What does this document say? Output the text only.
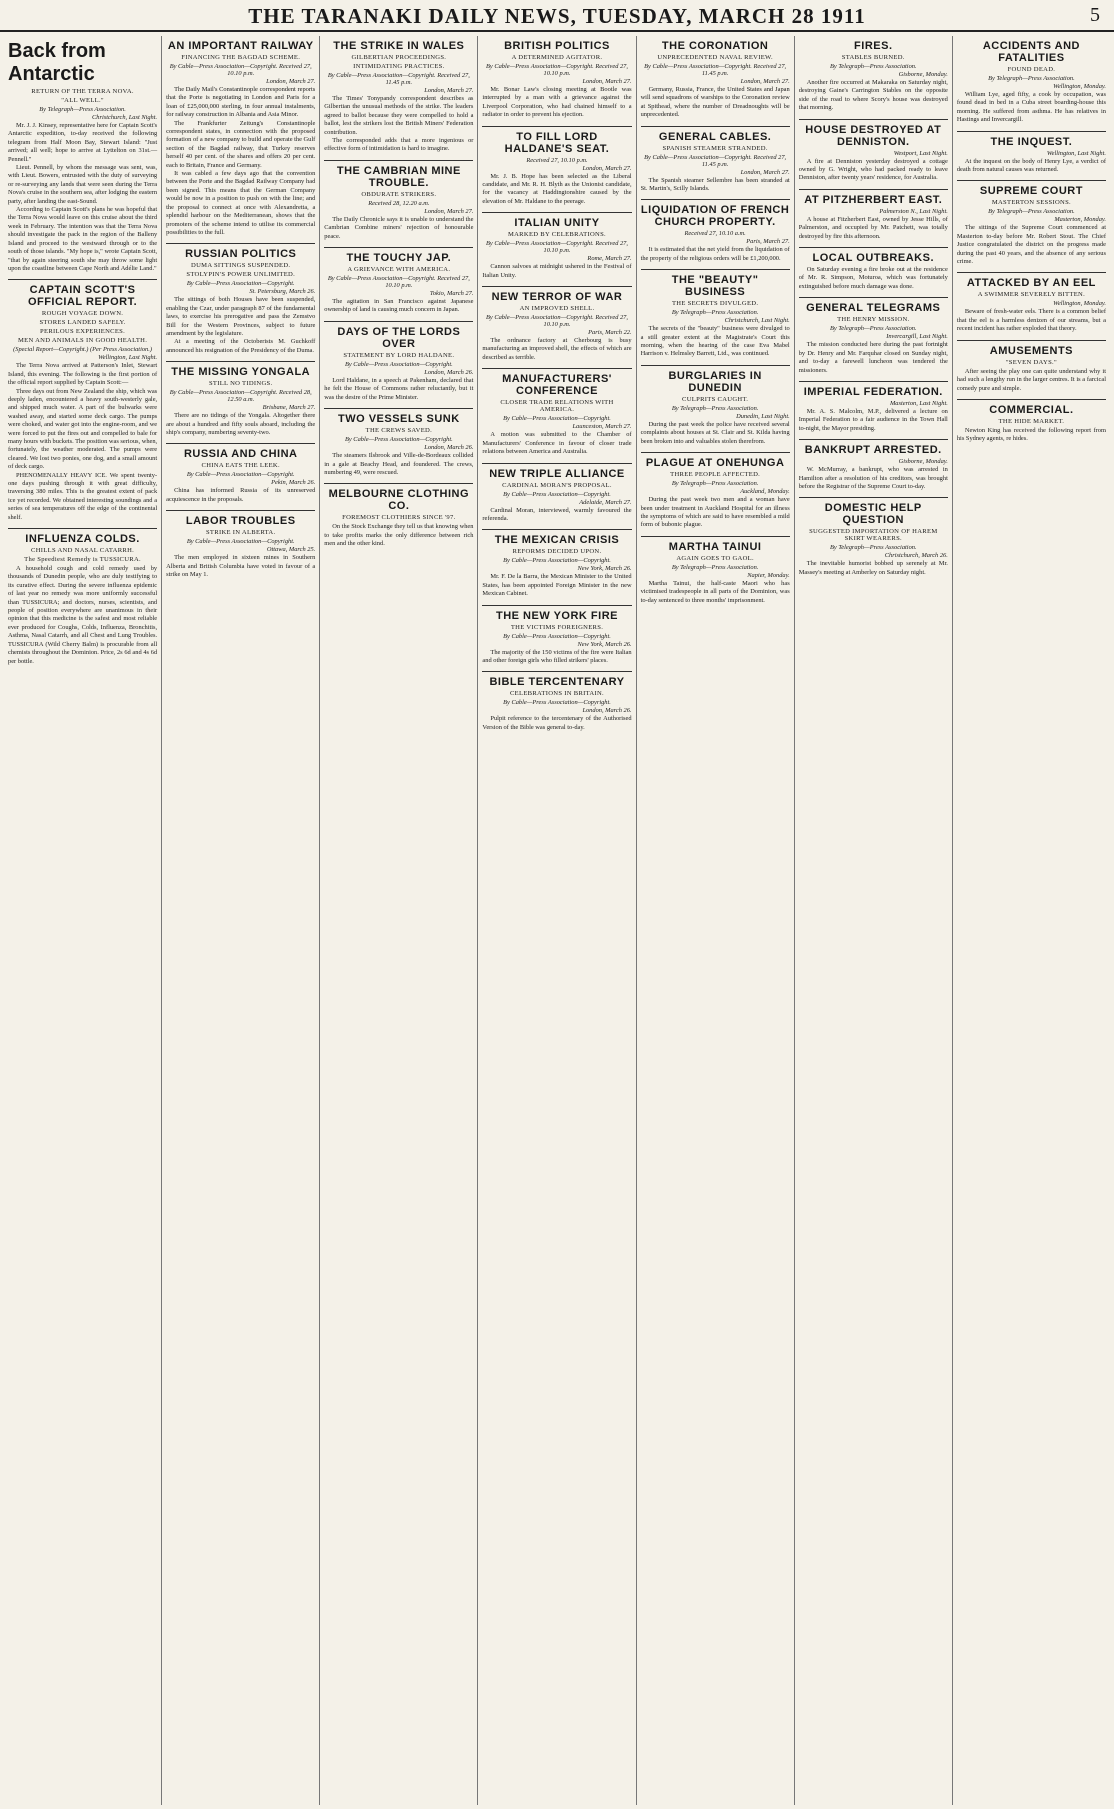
THE TARANAKI DAILY NEWS, TUESDAY, MARCH 28 1911	5
Back from Antarctic
RETURN OF THE TERRA NOVA.
"ALL WELL."
By Telegraph—Press Association.
Christchurch, Last Night.

Mr. J. J. Kinsey, representative here for Captain Scott's Antarctic expedition, to-day received the following telegram from Half Moon Bay, Stewart Island: "Just arrived; all well; hope to arrive at Lyttelton on 31st.—Pennell."

Lieut. Pennell, by whom the message was sent, was, with Lieut. Bowers, entrusted with the duty of surveying or re-surveying any lands that were seen during the Terra Nova's cruise in the southern sea, after lodging the eastern party, after landing the east-Sound.

According to Captain Scott's plans he was hopeful that the Terra Nova would leave on this cruise about the third week in February. The intention was that the Terra Nova should investigate the pack in the region of the Balleny Island and proceed to the westward through or to the south of those islands. "My hope is," wrote Captain Scott, "that by again steering south she may throw some light upon the coastline between Cape North and Adélie Land."

CAPTAIN SCOTT'S OFFICIAL REPORT.
ROUGH VOYAGE DOWN.
STORES LANDED SAFELY.
PERILOUS EXPERIENCES.
MEN AND ANIMALS IN GOOD HEALTH.
(Special Report—Copyright.) (Per Press Association.)
Wellington, Last Night.

The Terra Nova arrived at Patterson's Inlet, Stewart Island, this evening. The following is the first portion of the official report supplied by Captain Scott:—

Three days out from New Zealand the ship, which was deeply laden, encountered a heavy south-westerly gale, and shipped much water. A part of the bulwarks were washed away, and started some deck cargo. The pumps were choked, and water got into the engine-room, and we were forced to put the fires out and compelled to bale for many hours with buckets. The position was serious, when, fortunately, the weather moderated. The pumps were cleared. We lost two ponies, one dog, and a small amount of deck cargo.

PHENOMENALLY HEAVY ICE. We spent twenty-one days pushing through it with great difficulty, traversing 380 miles. This is the greatest extent of pack ice yet recorded. We obtained interesting soundings and a series of sea temperatures off the edge of the continental shelf.

INFLUENZA COLDS.
CHILLS AND NASAL CATARRH.
The Speediest Remedy is TUSSICURA.

A household cough and cold remedy used by thousands of Dunedin people, who are duly testifying to its curative effect. During the severe influenza epidemic of last year no remedy was more uniformly successful than TUSSICURA; and doctors, nurses, scientists, and people of position everywhere are unanimous in their opinion that this medicine is the safest and most reliable ever produced for Coughs, Colds, Influenza, Bronchitis, Asthma, Nasal Catarrh, and all Chest and Lung Troubles. TUSSICURA (Wild Cherry Balm) is procurable from all chemists throughout the Dominion. Price, 2s 6d and 4s 6d per bottle.

AN IMPORTANT RAILWAY
FINANCING THE BAGDAD SCHEME.
By Cable—Press Association—Copyright. Received 27, 10.10 p.m.
London, March 27.

The Daily Mail's Constantinople correspondent reports that the Porte is negotiating in London and Paris for a loan of £25,000,000 sterling, in four annual instalments, for railway construction in Albania and Asia Minor.

The Frankfurter Zeitung's Constantinople correspondent states, in connection with the proposed formation of a new company to build and operate the Gulf section of the Bagdad railway, that Turkey reserves herself 40 per cent. of the shares and offers 20 per cent. each to Britain, France and Germany.

It was cabled a few days ago that the convention between the Porte and the Bagdad Railway Company had been signed. This means that the German Company would be now in a position to push on with the line; and the proposal to connect at once with Alexandretta, a splendid harbour on the Mediterranean, shows that the promoters of the scheme intend to utilise its commercial possibilities to the full.

RUSSIAN POLITICS
DUMA SITTINGS SUSPENDED.
STOLYPIN'S POWER UNLIMITED.
By Cable—Press Association—Copyright.
St. Petersburg, March 26.

The sittings of both Houses have been suspended, enabling the Czar, under paragraph 87 of the fundamental laws, to exercise his prerogative and pass the Zemstvo Bill for the Western Provinces, subject to future amendment by the legislature.

At a meeting of the Octoberists M. Guchkoff announced his resignation of the Presidency of the Duma.

THE MISSING YONGALA
STILL NO TIDINGS.
By Cable—Press Association—Copyright. Received 28, 12.50 a.m.
Brisbane, March 27.

There are no tidings of the Yongala. Altogether there are about a hundred and fifty souls aboard, including the ship's company, numbering seventy-two.

RUSSIA AND CHINA
CHINA EATS THE LEEK.
By Cable—Press Association—Copyright.
Pekin, March 26.

China has informed Russia of its unreserved acquiescence in the proposals.

LABOR TROUBLES
STRIKE IN ALBERTA.
By Cable—Press Association—Copyright.
Ottawa, March 25.

The men employed in sixteen mines in Southern Alberta and British Columbia have voted in favour of a strike on May 1.

THE STRIKE IN WALES
GILBERTIAN PROCEEDINGS.
INTIMIDATING PRACTICES.
By Cable—Press Association—Copyright. Received 27, 11.45 p.m.
London, March 27.

The Times' Tonypandy correspondent describes as Gilbertian the unusual methods of the strike. The leaders agreed to ballot because they were compelled to hold a ballot, lest the strikers lost the British Miners' Federation contribution.

The corresponded adds that a more ingenious or effective form of intimidation is hard to imagine.

THE CAMBRIAN MINE TROUBLE.
OBDURATE STRIKERS.
Received 28, 12.20 a.m.
London, March 27.

The Daily Chronicle says it is unable to understand the Cambrian Combine miners' rejection of honourable peace.

THE TOUCHY JAP.
A GRIEVANCE WITH AMERICA.
By Cable—Press Association—Copyright. Received 27, 10.10 p.m.
Tokio, March 27.

The agitation in San Francisco against Japanese ownership of land is causing much concern in Japan.

DAYS OF THE LORDS OVER
STATEMENT BY LORD HALDANE.
By Cable—Press Association—Copyright.
London, March 26.

Lord Haldane, in a speech at Pakenham, declared that he felt the House of Commons rather reluctantly, but it was the desire of the Prime Minister.

TWO VESSELS SUNK
THE CREWS SAVED.
By Cable—Press Association—Copyright.
London, March 26.

The steamers Ilsbrook and Ville-de-Bordeaux collided in a gale at Beachy Head, and foundered. The crews, numbering 49, were rescued.

MELBOURNE CLOTHING CO.
FOREMOST CLOTHIERS SINCE '97.

On the Stock Exchange they tell us that knowing when to take profits marks the only difference between rich men and the other kind.

BRITISH POLITICS
A DETERMINED AGITATOR.
By Cable—Press Association—Copyright. Received 27, 10.10 p.m.
London, March 27.

Mr. Bonar Law's closing meeting at Bootle was interrupted by a man with a grievance against the Liverpool Corporation, who had chained himself to a radiator in order to prevent his ejection.

TO FILL LORD HALDANE'S SEAT.
Received 27, 10.10 p.m.
London, March 27.

Mr. J. B. Hope has been selected as the Liberal candidate, and Mr. R. H. Blyth as the Unionist candidate, for the vacancy at Haddingtonshire caused by the elevation of Mr. Haldane to the peerage.

ITALIAN UNITY
MARKED BY CELEBRATIONS.
By Cable—Press Association—Copyright. Received 27, 10.10 p.m.
Rome, March 27.

Cannon salvoes at midnight ushered in the Festival of Italian Unity.

NEW TERROR OF WAR
AN IMPROVED SHELL.
By Cable—Press Association—Copyright. Received 27, 10.10 p.m.
Paris, March 22.

The ordnance factory at Cherbourg is busy manufacturing an improved shell, the effects of which are described as terrible.

MANUFACTURERS' CONFERENCE
CLOSER TRADE RELATIONS WITH AMERICA.
By Cable—Press Association—Copyright.
Launceston, March 27.

A motion was submitted to the Chamber of Manufacturers' Conference in favour of closer trade relations between America and Australia.

NEW TRIPLE ALLIANCE
CARDINAL MORAN'S PROPOSAL.
By Cable—Press Association—Copyright.
Adelaide, March 27.

Cardinal Moran, interviewed, warmly favoured the referenda.

THE MEXICAN CRISIS
REFORMS DECIDED UPON.
By Cable—Press Association—Copyright.
New York, March 26.

Mr. F. De la Barra, the Mexican Minister to the United States, has been appointed Foreign Minister in the new Mexican Cabinet.

THE NEW YORK FIRE
THE VICTIMS FOREIGNERS.
By Cable—Press Association—Copyright.
New York, March 26.

The majority of the 150 victims of the fire were Italian and other foreign girls who filled strikers' places.

BIBLE TERCENTENARY
CELEBRATIONS IN BRITAIN.
By Cable—Press Association—Copyright.
London, March 26.

Pulpit reference to the tercentenary of the Authorised Version of the Bible was general to-day.

THE CORONATION
UNPRECEDENTED NAVAL REVIEW.
By Cable—Press Association—Copyright. Received 27, 11.45 p.m.
London, March 27.

Germany, Russia, France, the United States and Japan will send squadrons of warships to the Coronation review at Spithead, where the number of Dreadnoughts will be unprecedented.

GENERAL CABLES.
SPANISH STEAMER STRANDED.
By Cable—Press Association—Copyright. Received 27, 11.45 p.m.
London, March 27.

The Spanish steamer Sellembre has been stranded at St. Martin's, Scilly Islands.

LIQUIDATION OF FRENCH CHURCH PROPERTY.
Received 27, 10.10 a.m.
Paris, March 27.

It is estimated that the net yield from the liquidation of the property of the religious orders will be £1,200,000.

THE "BEAUTY" BUSINESS
THE SECRETS DIVULGED.
By Telegraph—Press Association.
Christchurch, Last Night.

The secrets of the "beauty" business were divulged to a still greater extent at the Magistrate's Court this morning, when the hearing of the case Eva Mabel Harrison v. Helmsley Barrett, Ltd., was continued.

BURGLARIES IN DUNEDIN
CULPRITS CAUGHT.
By Telegraph—Press Association.
Dunedin, Last Night.

During the past week the police have received several complaints about houses at St. Clair and St. Kilda having been broken into and valuables stolen therefrom.

PLAGUE AT ONEHUNGA
THREE PEOPLE AFFECTED.
By Telegraph—Press Association.
Auckland, Monday.

During the past week two men and a woman have been under treatment in Auckland Hospital for an illness the symptoms of which are said to have resembled a mild form of bubonic plague.

MARTHA TAINUI
AGAIN GOES TO GAOL.
By Telegraph—Press Association.
Napier, Monday.

Martha Tainui, the half-caste Maori who has victimised tradespeople in all parts of the Dominion, was to-day sentenced to three months' imprisonment.

FIRES.
STABLES BURNED.
By Telegraph—Press Association.
Gisborne, Monday.

Another fire occurred at Makaraka on Saturday night, destroying Gaine's Carrington Stables on the opposite side of the road to where Scory's house was destroyed that morning.

HOUSE DESTROYED AT DENNISTON.
Westport, Last Night.

A fire at Denniston yesterday destroyed a cottage owned by G. Wright, who had packed ready to leave Denniston, after twenty years' residence, for Australia.

AT PITZHERBERT EAST.
Palmerston N., Last Night.

A house at Fitzherbert East, owned by Jesse Hills, of Palmerston, and occupied by Mr. Patchett, was totally destroyed by fire this afternoon.

LOCAL OUTBREAKS.

On Saturday evening a fire broke out at the residence of Mr. R. Simpson, Moturoa, which was fortunately extinguished before much damage was done.

GENERAL TELEGRAMS
THE HENRY MISSION.
By Telegraph—Press Association.
Invercargill, Last Night.

The mission conducted here during the past fortnight by Dr. Henry and Mr. Farquhar closed on Sunday night, and to-day a farewell luncheon was tendered the missioners.

IMPERIAL FEDERATION.
Masterton, Last Night.

Mr. A. S. Malcolm, M.P., delivered a lecture on Imperial Federation to a fair audience in the Town Hall to-night, the Mayor presiding.

BANKRUPT ARRESTED.
Gisborne, Monday.

W. McMurray, a bankrupt, who was arrested in Hamilton after a resolution of his creditors, was brought before the Registrar of the Supreme Court to-day.

DOMESTIC HELP QUESTION
SUGGESTED IMPORTATION OF HAREM SKIRT WEARERS.
By Telegraph—Press Association.
Christchurch, March 26.

The inevitable humorist bobbed up serenely at Mr. Massey's meeting at Amberley on Saturday night.

ACCIDENTS AND FATALITIES
FOUND DEAD.
By Telegraph—Press Association.
Wellington, Monday.

William Lye, aged fifty, a cook by occupation, was found dead in bed in a Cuba street boarding-house this morning. He suffered from asthma. He has relatives in Hastings and Invercargill.

THE INQUEST.
Wellington, Last Night.

At the inquest on the body of Henry Lye, a verdict of death from natural causes was returned.

SUPREME COURT
MASTERTON SESSIONS.
By Telegraph—Press Association.
Masterton, Monday.

The sittings of the Supreme Court commenced at Masterton to-day before Mr. Robert Stout. The Chief Justice congratulated the district on the progress made during the past 40 years, and the absence of any serious crime.

ATTACKED BY AN EEL
A SWIMMER SEVERELY BITTEN.
Wellington, Monday.

Beware of fresh-water eels. There is a common belief that the eel is a harmless denizen of our streams, but a recent incident has rather exploded that theory.

AMUSEMENTS
"SEVEN DAYS."

After seeing the play one can quite understand why it had such a lengthy run in the larger centres. It is a farcical comedy pure and simple.

COMMERCIAL.
THE HIDE MARKET.

Newton King has received the following report from his Sydney agents, re hides.
